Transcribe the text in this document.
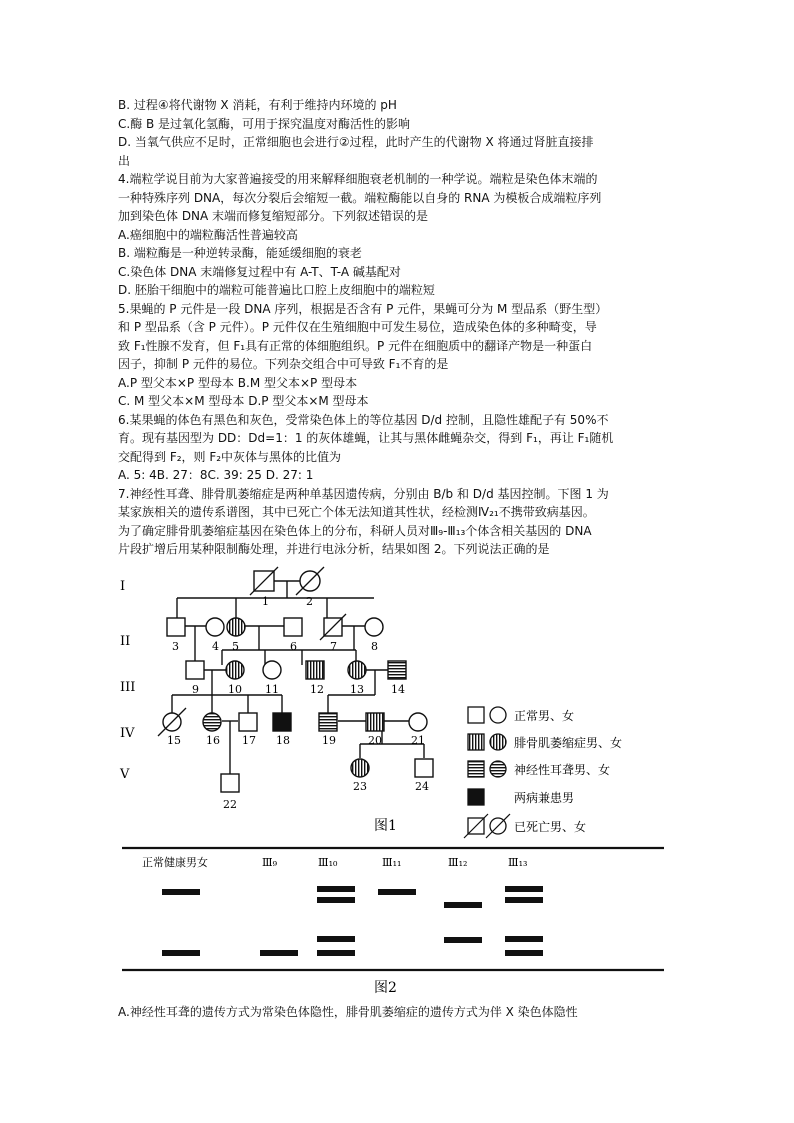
B. 过程④将代谢物 X 消耗，有利于维持内环境的 pH
C.酶 B 是过氧化氢酶，可用于探究温度对酶活性的影响
D. 当氧气供应不足时，正常细胞也会进行②过程，此时产生的代谢物 X 将通过肾脏直接排
出
4.端粒学说目前为大家普遍接受的用来解释细胞衰老机制的一种学说。端粒是染色体末端的
一种特殊序列 DNA，每次分裂后会缩短一截。端粒酶能以自身的 RNA 为模板合成端粒序列
加到染色体 DNA 末端而修复缩短部分。下列叙述错误的是
A.癌细胞中的端粒酶活性普遍较高
B. 端粒酶是一种逆转录酶，能延缓细胞的衰老
C.染色体 DNA 末端修复过程中有 A-T、T-A 碱基配对
D. 胚胎干细胞中的端粒可能普遍比口腔上皮细胞中的端粒短
5.果蝇的 P 元件是一段 DNA 序列，根据是否含有 P 元件，果蝇可分为 M 型品系（野生型）
和 P 型品系（含 P 元件）。P 元件仅在生殖细胞中可发生易位，造成染色体的多种畸变，导
致 F₁性腺不发育，但 F₁具有正常的体细胞组织。P 元件在细胞质中的翻译产物是一种蛋白
因子，抑制 P 元件的易位。下列杂交组合中可导致 F₁不育的是
A.P 型父本×P 型母本 B.M 型父本×P 型母本
C. M 型父本×M 型母本 D.P 型父本×M 型母本
6.某果蝇的体色有黑色和灰色，受常染色体上的等位基因 D/d 控制，且隐性雄配子有 50%不
育。现有基因型为 DD：Dd=1：1 的灰体雄蝇，让其与黑体雌蝇杂交，得到 F₁，再让 F₁随机
交配得到 F₂，则 F₂中灰体与黑体的比值为
A. 5: 4B. 27：8C. 39: 25 D. 27: 1
7.神经性耳聋、腓骨肌萎缩症是两种单基因遗传病，分别由 B/b 和 D/d 基因控制。下图 1 为
某家族相关的遗传系谱图，其中已死亡个体无法知道其性状，经检测Ⅳ₂₁不携带致病基因。
为了确定腓骨肌萎缩症基因在染色体上的分布，科研人员对Ⅲ₉-Ⅲ₁₃个体含相关基因的 DNA
片段扩增后用某种限制酶处理，并进行电泳分析，结果如图 2。下列说法正确的是
I
II
III
IV
V
1	2
3	4 5	6	7	8
9	10 11	12 13 14
15 16 17 18	19	20	21
22
23	24
正常男、女
腓骨肌萎缩症男、女
神经性耳聋男、女
两病兼患男
已死亡男、女
图1
正常健康男女	Ⅲ₉	Ⅲ₁₀	Ⅲ₁₁	Ⅲ₁₂	Ⅲ₁₃
图2
A.神经性耳聋的遗传方式为常染色体隐性，腓骨肌萎缩症的遗传方式为伴 X 染色体隐性
